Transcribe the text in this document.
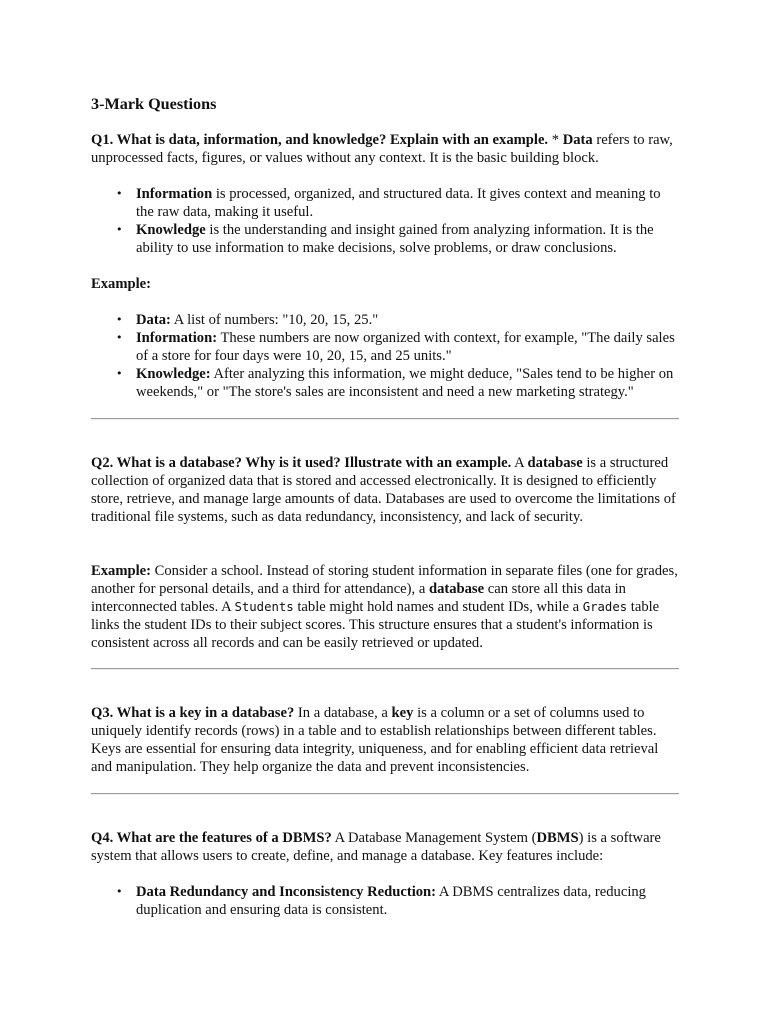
3-Mark Questions

Q1. What is data, information, and knowledge? Explain with an example. * Data refers to raw, unprocessed facts, figures, or values without any context. It is the basic building block.

• Information is processed, organized, and structured data. It gives context and meaning to the raw data, making it useful.
• Knowledge is the understanding and insight gained from analyzing information. It is the ability to use information to make decisions, solve problems, or draw conclusions.

Example:

• Data: A list of numbers: "10, 20, 15, 25."
• Information: These numbers are now organized with context, for example, "The daily sales of a store for four days were 10, 20, 15, and 25 units."
• Knowledge: After analyzing this information, we might deduce, "Sales tend to be higher on weekends," or "The store's sales are inconsistent and need a new marketing strategy."

Q2. What is a database? Why is it used? Illustrate with an example. A database is a structured collection of organized data that is stored and accessed electronically. It is designed to efficiently store, retrieve, and manage large amounts of data. Databases are used to overcome the limitations of traditional file systems, such as data redundancy, inconsistency, and lack of security.

Example: Consider a school. Instead of storing student information in separate files (one for grades, another for personal details, and a third for attendance), a database can store all this data in interconnected tables. A Students table might hold names and student IDs, while a Grades table links the student IDs to their subject scores. This structure ensures that a student's information is consistent across all records and can be easily retrieved or updated.

Q3. What is a key in a database? In a database, a key is a column or a set of columns used to uniquely identify records (rows) in a table and to establish relationships between different tables. Keys are essential for ensuring data integrity, uniqueness, and for enabling efficient data retrieval and manipulation. They help organize the data and prevent inconsistencies.

Q4. What are the features of a DBMS? A Database Management System (DBMS) is a software system that allows users to create, define, and manage a database. Key features include:

• Data Redundancy and Inconsistency Reduction: A DBMS centralizes data, reducing duplication and ensuring data is consistent.
